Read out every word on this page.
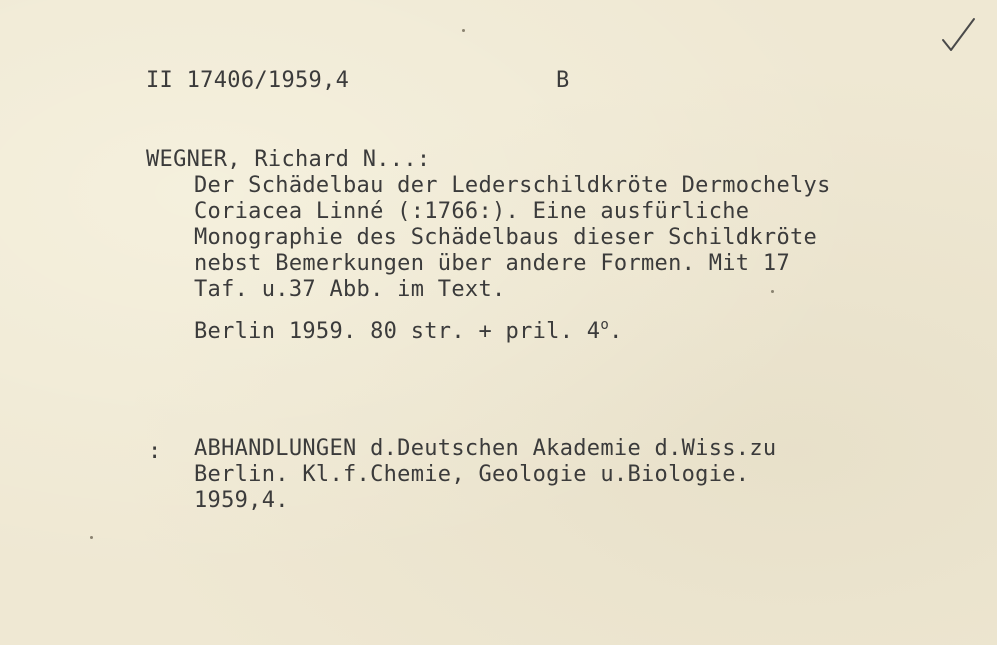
II 17406/1959,4	B
WEGNER, Richard N...:
Der Schädelbau der Lederschildkröte Dermochelys
Coriacea Linné (:1766:). Eine ausfürliche
Monographie des Schädelbaus dieser Schildkröte
nebst Bemerkungen über andere Formen. Mit 17
Taf. u.37 Abb. im Text.
Berlin 1959. 80 str. + pril. 4$^o$.
: ABHANDLUNGEN d.Deutschen Akademie d.Wiss.zu
Berlin. Kl.f.Chemie, Geologie u.Biologie.
1959,4.
